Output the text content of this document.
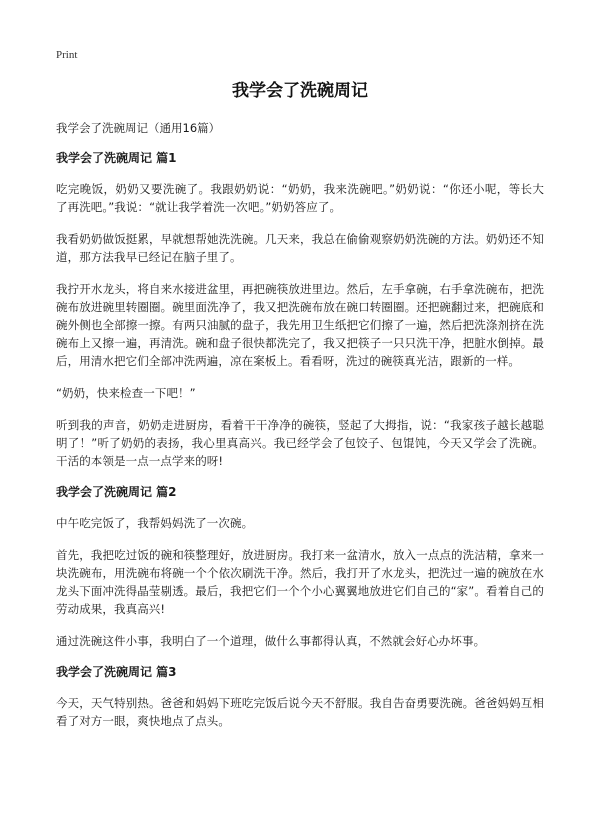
Print
我学会了洗碗周记

我学会了洗碗周记（通用16篇）

我学会了洗碗周记 篇1

吃完晚饭，奶奶又要洗碗了。我跟奶奶说：“奶奶，我来洗碗吧。”奶奶说：“你还小呢，等长大了再洗吧。”我说：“就让我学着洗一次吧。”奶奶答应了。

我看奶奶做饭挺累，早就想帮她洗洗碗。几天来，我总在偷偷观察奶奶洗碗的方法。奶奶还不知道，那方法我早已经记在脑子里了。

我拧开水龙头，将自来水接进盆里，再把碗筷放进里边。然后，左手拿碗，右手拿洗碗布，把洗碗布放进碗里转圈圈。碗里面洗净了，我又把洗碗布放在碗口转圈圈。还把碗翻过来，把碗底和碗外侧也全部擦一擦。有两只油腻的盘子，我先用卫生纸把它们擦了一遍，然后把洗涤剂挤在洗碗布上又擦一遍，再清洗。碗和盘子很快都洗完了，我又把筷子一只只洗干净，把脏水倒掉。最后，用清水把它们全部冲洗两遍，凉在案板上。看看呀，洗过的碗筷真光洁，跟新的一样。

“奶奶，快来检查一下吧！”

听到我的声音，奶奶走进厨房，看着干干净净的碗筷，竖起了大拇指，说：“我家孩子越长越聪明了！”听了奶奶的表扬，我心里真高兴。我已经学会了包饺子、包馄饨，今天又学会了洗碗。干活的本领是一点一点学来的呀!

我学会了洗碗周记 篇2

中午吃完饭了，我帮妈妈洗了一次碗。

首先，我把吃过饭的碗和筷整理好，放进厨房。我打来一盆清水，放入一点点的洗洁精，拿来一块洗碗布，用洗碗布将碗一个个依次刷洗干净。然后，我打开了水龙头，把洗过一遍的碗放在水龙头下面冲洗得晶莹剔透。最后，我把它们一个个小心翼翼地放进它们自己的“家”。看着自己的劳动成果，我真高兴!

通过洗碗这件小事，我明白了一个道理，做什么事都得认真，不然就会好心办坏事。

我学会了洗碗周记 篇3

今天，天气特别热。爸爸和妈妈下班吃完饭后说今天不舒服。我自告奋勇要洗碗。爸爸妈妈互相看了对方一眼，爽快地点了点头。
